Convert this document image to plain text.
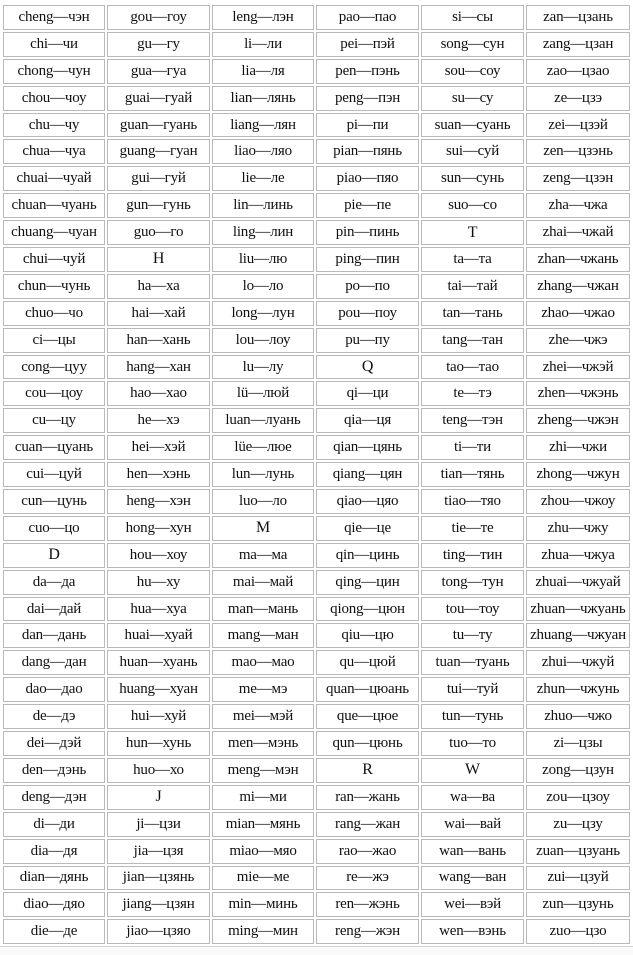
cheng—чэн	gou—гоу	leng—лэн	pao—пао	si—сы	zan—цзань
chi—чи	gu—гу	li—ли	pei—пэй	song—сун	zang—цзан
chong—чун	gua—гуа	lia—ля	pen—пэнь	sou—соу	zao—цзао
chou—чоу	guai—гуай	lian—лянь	peng—пэн	su—су	ze—цзэ
chu—чу	guan—гуань	liang—лян	pi—пи	suan—суань	zei—цзэй
chua—чуа	guang—гуан	liao—ляо	pian—пянь	sui—суй	zen—цзэнь
chuai—чуай	gui—гуй	lie—ле	piao—пяо	sun—сунь	zeng—цзэн
chuan—чуань	gun—гунь	lin—линь	pie—пе	suo—со	zha—чжа
chuang—чуан	guo—го	ling—лин	pin—пинь	T	zhai—чжай
chui—чуй	H	liu—лю	ping—пин	ta—та	zhan—чжань
chun—чунь	ha—ха	lo—ло	po—по	tai—тай	zhang—чжан
chuo—чо	hai—хай	long—лун	pou—поу	tan—тань	zhao—чжао
ci—цы	han—хань	lou—лоу	pu—пу	tang—тан	zhe—чжэ
cong—цуу	hang—хан	lu—лу	Q	tao—тао	zhei—чжэй
cou—цоу	hao—хао	lü—люй	qi—ци	te—тэ	zhen—чжэнь
cu—цу	he—хэ	luan—луань	qia—ця	teng—тэн	zheng—чжэн
cuan—цуань	hei—хэй	lüe—люе	qian—цянь	ti—ти	zhi—чжи
cui—цуй	hen—хэнь	lun—лунь	qiang—цян	tian—тянь	zhong—чжун
cun—цунь	heng—хэн	luo—ло	qiao—цяо	tiao—тяо	zhou—чжоу
cuo—цо	hong—хун	M	qie—це	tie—те	zhu—чжу
D	hou—хоу	ma—ма	qin—цинь	ting—тин	zhua—чжуа
da—да	hu—ху	mai—май	qing—цин	tong—тун	zhuai—чжуай
dai—дай	hua—хуа	man—мань	qiong—цюн	tou—тоу	zhuan—чжуань
dan—дань	huai—хуай	mang—ман	qiu—цю	tu—ту	zhuang—чжуан
dang—дан	huan—хуань	mao—мао	qu—цюй	tuan—туань	zhui—чжуй
dao—дао	huang—хуан	me—мэ	quan—цюань	tui—туй	zhun—чжунь
de—дэ	hui—хуй	mei—мэй	que—цюе	tun—тунь	zhuo—чжо
dei—дэй	hun—хунь	men—мэнь	qun—цюнь	tuo—то	zi—цзы
den—дэнь	huo—хо	meng—мэн	R	W	zong—цзун
deng—дэн	J	mi—ми	ran—жань	wa—ва	zou—цзоу
di—ди	ji—цзи	mian—мянь	rang—жан	wai—вай	zu—цзу
dia—дя	jia—цзя	miao—мяо	rao—жао	wan—вань	zuan—цзуань
dian—дянь	jian—цзянь	mie—ме	re—жэ	wang—ван	zui—цзуй
diao—дяо	jiang—цзян	min—минь	ren—жэнь	wei—вэй	zun—цзунь
die—де	jiao—цзяо	ming—мин	reng—жэн	wen—вэнь	zuo—цзо
